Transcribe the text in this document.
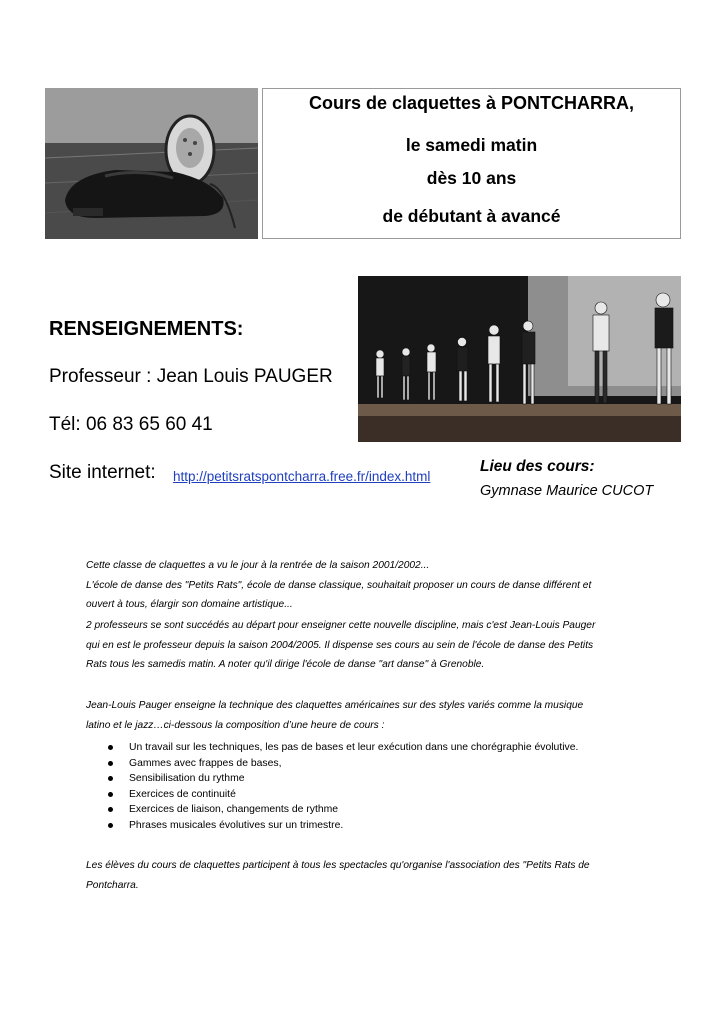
Cours de claquettes à PONTCHARRA,
le samedi matin
dès 10 ans
de débutant à avancé
RENSEIGNEMENTS:
Professeur : Jean Louis PAUGER
Tél: 06 83 65 60 41
Site internet: http://petitsratspontcharra.free.fr/index.html
Lieu des cours:
Gymnase Maurice CUCOT
Cette classe de claquettes a vu le jour à la rentrée de la saison 2001/2002...
L'école de danse des "Petits Rats", école de danse classique, souhaitait proposer un cours de danse différent et
ouvert à tous, élargir son domaine artistique...
2 professeurs se sont succédés au départ pour enseigner cette nouvelle discipline, mais c'est Jean-Louis Pauger
qui en est le professeur depuis la saison 2004/2005. Il dispense ses cours au sein de l'école de danse des Petits
Rats tous les samedis matin. A noter qu'il dirige l'école de danse "art danse" à Grenoble.
Jean-Louis Pauger enseigne la technique des claquettes américaines sur des styles variés comme la musique
latino et le jazz…ci-dessous la composition d’une heure de cours :
Un travail sur les techniques, les pas de bases et leur exécution dans une chorégraphie évolutive.
Gammes avec frappes de bases,
Sensibilisation du rythme
Exercices de continuité
Exercices de liaison, changements de rythme
Phrases musicales évolutives sur un trimestre.
Les élèves du cours de claquettes participent à tous les spectacles qu'organise l'association des "Petits Rats de
Pontcharra.
